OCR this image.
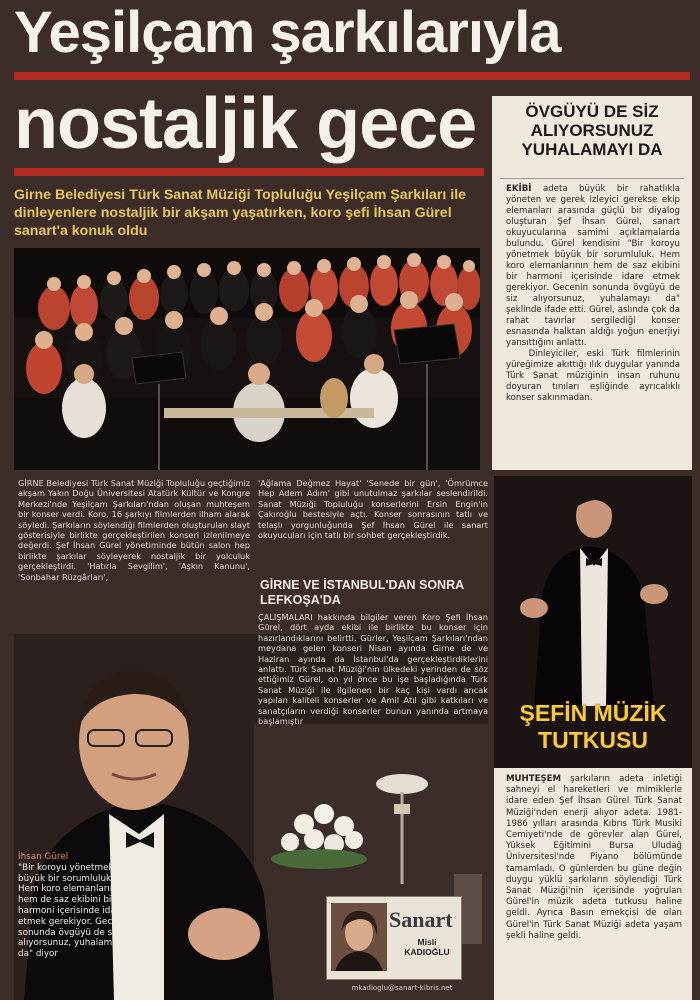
Yeşilçam şarkılarıyla
nostaljik gece
Girne Belediyesi Türk Sanat Müziği Topluluğu Yeşilçam Şarkıları ile dinleyenlere nostaljik bir akşam yaşatırken, koro şefi İhsan Gürel sanart'a konuk oldu
ÖVGÜYÜ DE SİZ ALIYORSUNUZ YUHALAMAYI DA
EKİBİ adeta büyük bir rahatlıkla yöneten ve gerek izleyici gerekse ekip elemanları arasında güçlü bir diyalog oluşturan Şef İhsan Gürel, sanart okuyucularına samimi açıklamalarda bulundu. Gürel kendisini "Bir koroyu yönetmek büyük bir sorumluluk. Hem koro elemanlarının hem de saz ekibini bir harmoni içerisinde idare etmek gerekiyor. Gecenin sonunda övgüyü de siz alıyorsunuz, yuhalamayı da" şeklinde ifade etti. Gürel, aslında çok da rahat tavırlar sergilediği konser esnasında halktan aldığı yoğun enerjiyi yansıttığını anlattı.
Dinleyiciler, eski Türk filmlerinin yüreğimize akıttığı ılık duygular yanında Türk Sanat müziğinin insan ruhunu doyuran tınıları eşliğinde ayrıcalıklı konser sakınmadan.
GİRNE Belediyesi Türk Sanat Müziği Topluluğu geçtiğimiz akşam Yakın Doğu Üniversitesi Atatürk Kültür ve Kongre Merkezi'nde Yeşilçam Şarkıları'ndan oluşan muhteşem bir konser verdi. Koro, 16 şarkıyı filmlerden ilham alarak söyledi. Şarkıların söylendiği filmlerden oluşturulan slayt gösterisiyle birlikte gerçekleştirilen konseri izlenilmeye değerdi. Şef İhsan Gürel yönetiminde bütün salon hep birlikte şarkılar söyleyerek nostaljik bir yolculuk gerçekleştirdi. 'Hatırla Sevgilim', 'Aşkın Kanunu', 'Sonbahar Rüzgârları',
'Ağlama Değmez Hayat' 'Senede bir gün', 'Ömrümce Hep Adem Adım' gibi unutulmaz şarkılar seslendirildi. Sanat Müziği Topluluğu konserlerini Ersin Engin'in Çakıroğlu bestesiyle açtı. Konser sonrasının tatlı ve telaşlı yorgunluğunda Şef İhsan Gürel ile sanart okuyucuları için tatlı bir sohbet gerçekleştirdik.
GİRNE VE İSTANBUL'DAN SONRA LEFKOŞA'DA
ÇALIŞMALARI hakkında bilgiler veren Koro Şefi İhsan Gürel, dört ayda ekibi ile birlikte bu konser için hazırlandıklarını belirtti. Gürler, Yeşilçam Şarkıları'ndan meydana gelen konseri Nisan ayında Girne de ve Haziran ayında da İstanbul'da gerçekleştirdiklerini anlattı. Türk Sanat Müziği'nin ülkedeki yerinden de söz ettiğimiz Gürel, on yıl önce bu işe başladığında Türk Sanat Müziği ile ilgilenen bir kaç kişi vardı ancak yapılan kaliteli konserler ve Amil Atıl gibi katkıları ve sanatçıların verdiği konserler bunun yanında artmaya başlamıştır
İhsan Gürel
"Bir koroyu yönetmek büyük bir sorumluluk. Hem koro elemanlarının hem de saz ekibini bir harmoni içerisinde idare etmek gerekiyor. Gecenin sonunda övgüyü de siz alıyorsunuz, yuhalamayı da" diyor
Sanart
Misli
KADIOĞLU
mkadioglu@sanart-kibris.net
ŞEFİN MÜZİK TUTKUSU
MUHTEŞEM şarkıların adeta inletiği sahneyi el hareketleri ve mimiklerle idare eden Şef İhsan Gürel Türk Sanat Müziği'nden enerji alıyor adeta. 1981- 1986 yılları arasında Kıbrıs Türk Musiki Cemiyeti'nde de görevler alan Gürel, Yüksek Eğitimini Bursa Uludağ Üniversitesi'nde Piyano bölümünde tamamladı. O günlerden bu güne değin duygu yüklü şarkıların söylendiği Türk Sanat Müziği'nin içerisinde yoğrulan Gürel'in müzik adeta tutkusu haline geldi. Ayrıca Basın emekçisi de olan Gürel'in Türk Sanat Müziği adeta yaşam şekli haline geldi.
